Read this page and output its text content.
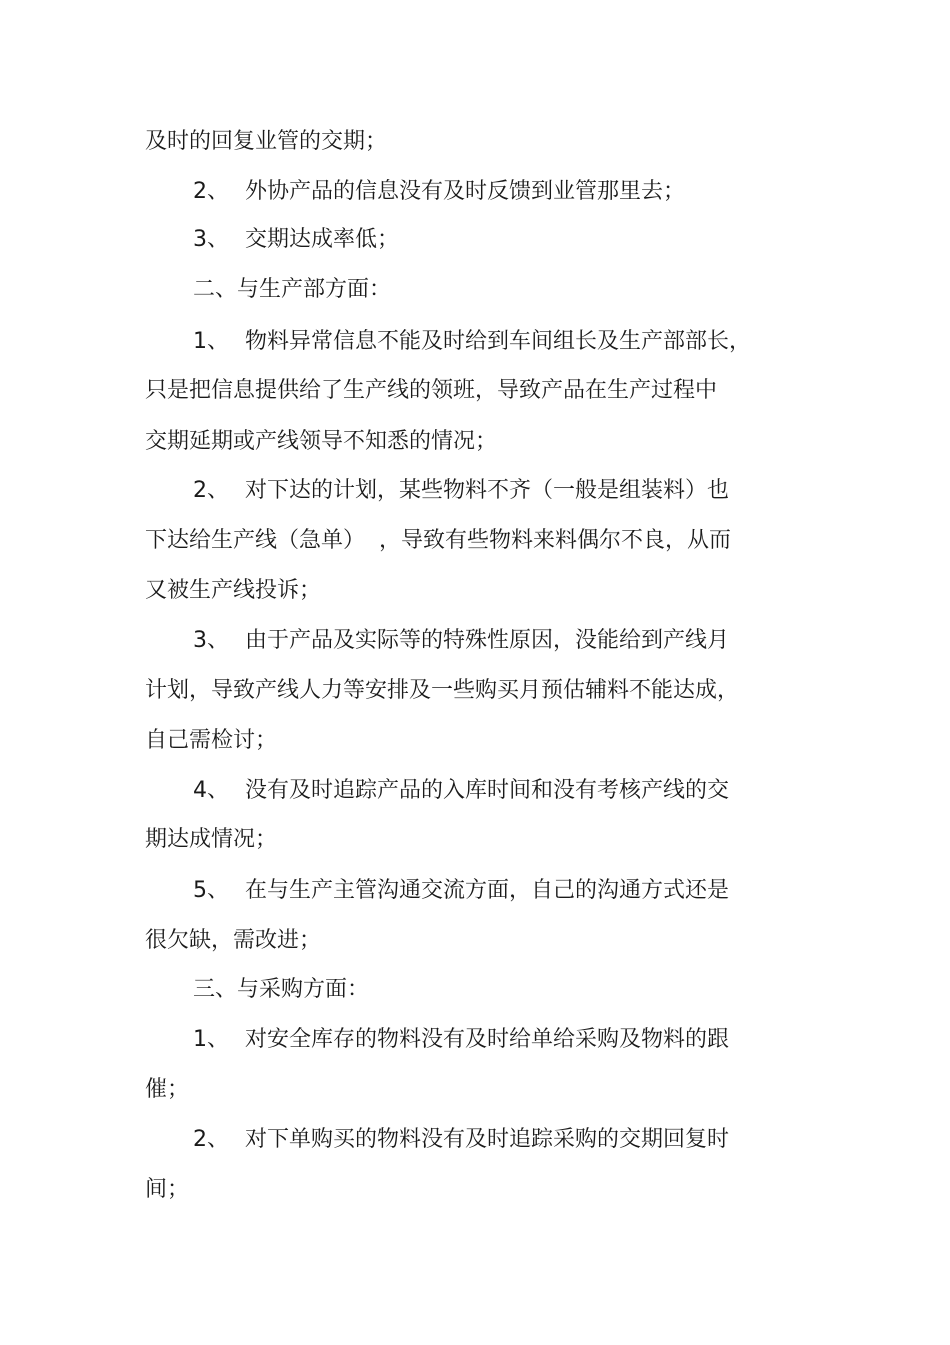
及时的回复业管的交期；
2、 外协产品的信息没有及时反馈到业管那里去；
3、 交期达成率低；
二、与生产部方面：
1、 物料异常信息不能及时给到车间组长及生产部部长，
只是把信息提供给了生产线的领班，导致产品在生产过程中
交期延期或产线领导不知悉的情况；
2、 对下达的计划，某些物料不齐（一般是组装料）也
下达给生产线（急单）  ，导致有些物料来料偶尔不良，从而
又被生产线投诉；
3、 由于产品及实际等的特殊性原因，没能给到产线月
计划，导致产线人力等安排及一些购买月预估辅料不能达成，
自己需检讨；
4、 没有及时追踪产品的入库时间和没有考核产线的交
期达成情况；
5、 在与生产主管沟通交流方面，自己的沟通方式还是
很欠缺，需改进；
三、与采购方面：
1、 对安全库存的物料没有及时给单给采购及物料的跟
催；
2、 对下单购买的物料没有及时追踪采购的交期回复时
间；
